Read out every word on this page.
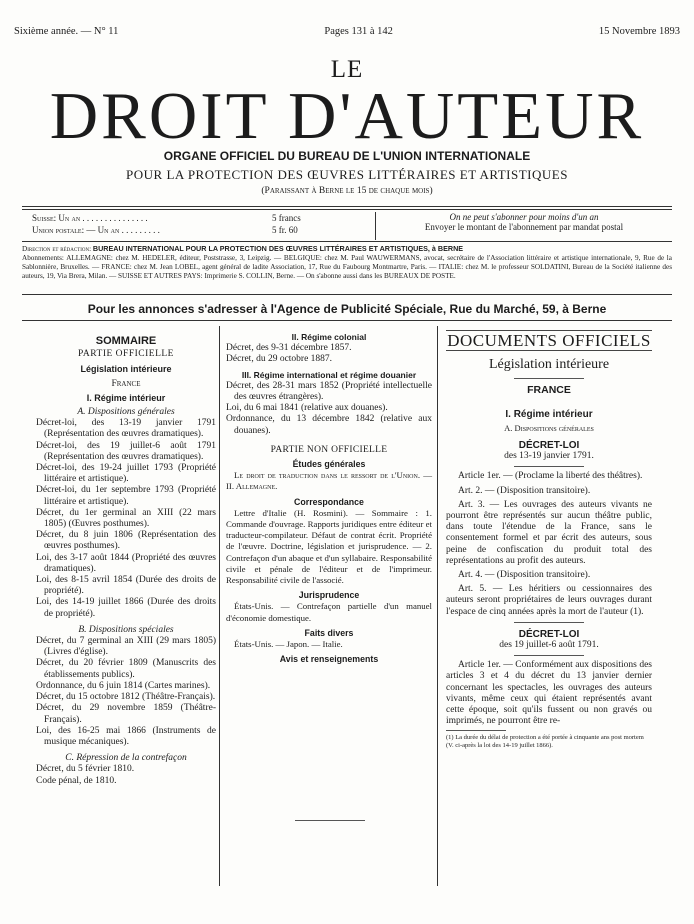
Sixième année. — N° 11	Pages 131 à 142	15 Novembre 1893
LE
DROIT D'AUTEUR
ORGANE OFFICIEL DU BUREAU DE L'UNION INTERNATIONALE
POUR LA PROTECTION DES ŒUVRES LITTÉRAIRES ET ARTISTIQUES
(Paraissant à Berne le 15 de chaque mois)
Suisse: Un an . . . . . . . . . . . . . . .	5 francs
Union postale: — Un an . . . . . . . . .	5 fr. 60
On ne peut s'abonner pour moins d'un an
Envoyer le montant de l'abonnement par mandat postal
Direction et rédaction: BUREAU INTERNATIONAL POUR LA PROTECTION DES ŒUVRES LITTÉRAIRES ET ARTISTIQUES, à BERNE
Abonnements: ALLEMAGNE: chez M. HEDELER, éditeur, Poststrasse, 3, Leipzig. — BELGIQUE: chez M. Paul WAUWERMANS, avocat, secrétaire de l'Association littéraire et artistique internationale, 9, Rue de la Sablonnière, Bruxelles. — FRANCE: chez M. Jean LOBEL, agent général de ladite Association, 17, Rue du Faubourg Montmartre, Paris. — ITALIE: chez M. le professeur SOLDATINI, Bureau de la Société italienne des auteurs, 19, Via Brera, Milan. — SUISSE ET AUTRES PAYS: Imprimerie S. COLLIN, Berne. — On s'abonne aussi dans les BUREAUX DE POSTE.
Pour les annonces s'adresser à l'Agence de Publicité Spéciale, Rue du Marché, 59, à Berne
SOMMAIRE
PARTIE OFFICIELLE
Législation intérieure
France
I. Régime intérieur
A. Dispositions générales
Décret-loi, des 13-19 janvier 1791 (Représentation des œuvres dramatiques).
Décret-loi, des 19 juillet-6 août 1791 (Représentation des œuvres dramatiques).
Décret-loi, des 19-24 juillet 1793 (Propriété littéraire et artistique).
Décret-loi, du 1er septembre 1793 (Propriété littéraire et artistique).
Décret, du 1er germinal an XIII (22 mars 1805) (Œuvres posthumes).
Décret, du 8 juin 1806 (Représentation des œuvres posthumes).
Loi, des 3-17 août 1844 (Propriété des œuvres dramatiques).
Loi, des 8-15 avril 1854 (Durée des droits de propriété).
Loi, des 14-19 juillet 1866 (Durée des droits de propriété).
B. Dispositions spéciales
Décret, du 7 germinal an XIII (29 mars 1805) (Livres d'église).
Décret, du 20 février 1809 (Manuscrits des établissements publics).
Ordonnance, du 6 juin 1814 (Cartes marines).
Décret, du 15 octobre 1812 (Théâtre-Français).
Décret, du 29 novembre 1859 (Théâtre-Français).
Loi, des 16-25 mai 1866 (Instruments de musique mécaniques).
C. Répression de la contrefaçon
Décret, du 5 février 1810.
Code pénal, de 1810.
II. Régime colonial
Décret, des 9-31 décembre 1857.
Décret, du 29 octobre 1887.
III. Régime international et régime douanier
Décret, des 28-31 mars 1852 (Propriété intellectuelle des œuvres étrangères).
Loi, du 6 mai 1841 (relative aux douanes).
Ordonnance, du 13 décembre 1842 (relative aux douanes).
PARTIE NON OFFICIELLE
Études générales
Le droit de traduction dans le ressort de l'Union. — II. Allemagne.
Correspondance
Lettre d'Italie (H. Rosmini). — Sommaire : 1. Commande d'ouvrage. Rapports juridiques entre éditeur et traducteur-compilateur. Défaut de contrat écrit. Propriété de l'œuvre. Doctrine, législation et jurisprudence. — 2. Contrefaçon d'un abaque et d'un syllabaire. Responsabilité civile et pénale de l'éditeur et de l'imprimeur. Responsabilité civile de l'associé.
Jurisprudence
États-Unis. — Contrefaçon partielle d'un manuel d'économie domestique.
Faits divers
États-Unis. — Japon. — Italie.
Avis et renseignements
DOCUMENTS OFFICIELS
Législation intérieure
FRANCE
I. Régime intérieur
A. Dispositions générales
DÉCRET-LOI
des 13-19 janvier 1791.
Article 1er. — (Proclame la liberté des théâtres).
Art. 2. — (Disposition transitoire).
Art. 3. — Les ouvrages des auteurs vivants ne pourront être représentés sur aucun théâtre public, dans toute l'étendue de la France, sans le consentement formel et par écrit des auteurs, sous peine de confiscation du produit total des représentations au profit des auteurs.
Art. 4. — (Disposition transitoire).
Art. 5. — Les héritiers ou cessionnaires des auteurs seront propriétaires de leurs ouvrages durant l'espace de cinq années après la mort de l'auteur (1).
DÉCRET-LOI
des 19 juillet-6 août 1791.
Article 1er. — Conformément aux dispositions des articles 3 et 4 du décret du 13 janvier dernier concernant les spectacles, les ouvrages des auteurs vivants, même ceux qui étaient représentés avant cette époque, soit qu'ils fussent ou non gravés ou imprimés, ne pourront être re-
(1) La durée du délai de protection a été portée à cinquante ans post mortem (V. ci-après la loi des 14-19 juillet 1866).
